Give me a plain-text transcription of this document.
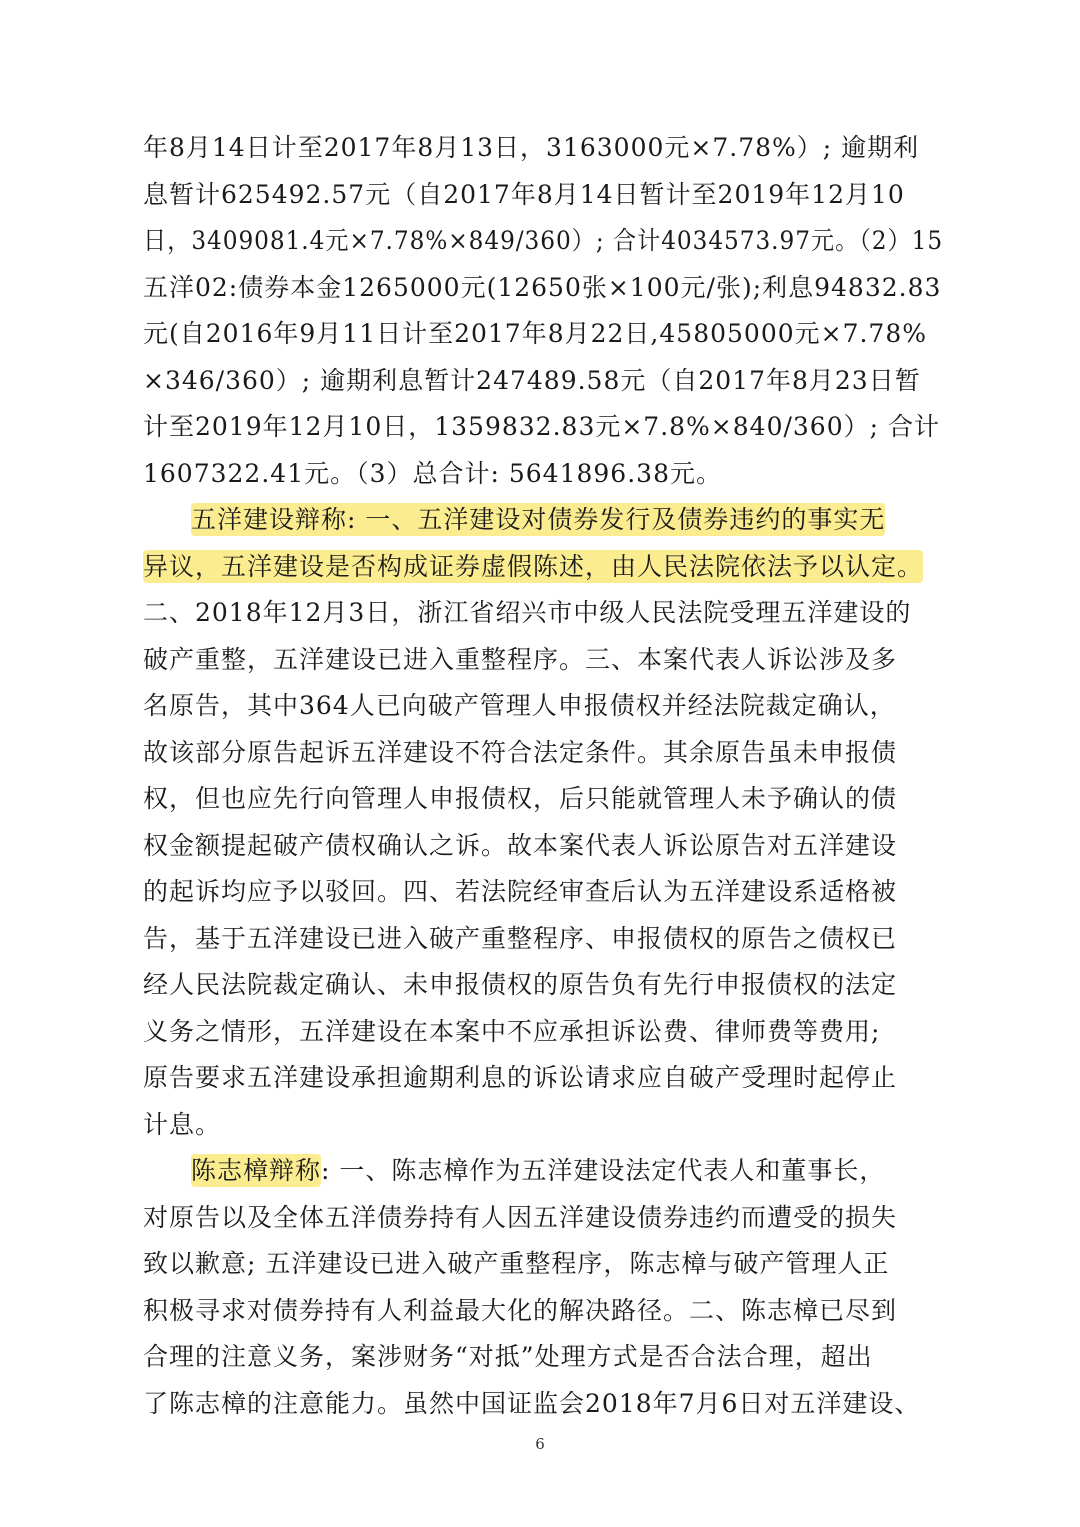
年8月14日计至2017年8月13日，3163000元×7.78%）; 逾期利
息暂计625492.57元（自2017年8月14日暂计至2019年12月10
日，3409081.4元×7.78%×849/360）; 合计4034573.97元。（2）15
五洋02:债券本金1265000元(12650张×100元/张);利息94832.83
元(自2016年9月11日计至2017年8月22日,45805000元×7.78%
×346/360）; 逾期利息暂计247489.58元（自2017年8月23日暂
计至2019年12月10日，1359832.83元×7.8%×840/360）; 合计
1607322.41元。（3）总合计: 5641896.38元。
五洋建设辩称: 一、五洋建设对债券发行及债券违约的事实无
异议，五洋建设是否构成证券虚假陈述，由人民法院依法予以认定。
二、2018年12月3日，浙江省绍兴市中级人民法院受理五洋建设的
破产重整，五洋建设已进入重整程序。三、本案代表人诉讼涉及多
名原告，其中364人已向破产管理人申报债权并经法院裁定确认，
故该部分原告起诉五洋建设不符合法定条件。其余原告虽未申报债
权，但也应先行向管理人申报债权，后只能就管理人未予确认的债
权金额提起破产债权确认之诉。故本案代表人诉讼原告对五洋建设
的起诉均应予以驳回。四、若法院经审查后认为五洋建设系适格被
告，基于五洋建设已进入破产重整程序、申报债权的原告之债权已
经人民法院裁定确认、未申报债权的原告负有先行申报债权的法定
义务之情形，五洋建设在本案中不应承担诉讼费、律师费等费用;
原告要求五洋建设承担逾期利息的诉讼请求应自破产受理时起停止
计息。
陈志樟辩称: 一、陈志樟作为五洋建设法定代表人和董事长，
对原告以及全体五洋债券持有人因五洋建设债券违约而遭受的损失
致以歉意; 五洋建设已进入破产重整程序，陈志樟与破产管理人正
积极寻求对债券持有人利益最大化的解决路径。二、陈志樟已尽到
合理的注意义务，案涉财务“对抵”处理方式是否合法合理，超出
了陈志樟的注意能力。虽然中国证监会2018年7月6日对五洋建设、
6
